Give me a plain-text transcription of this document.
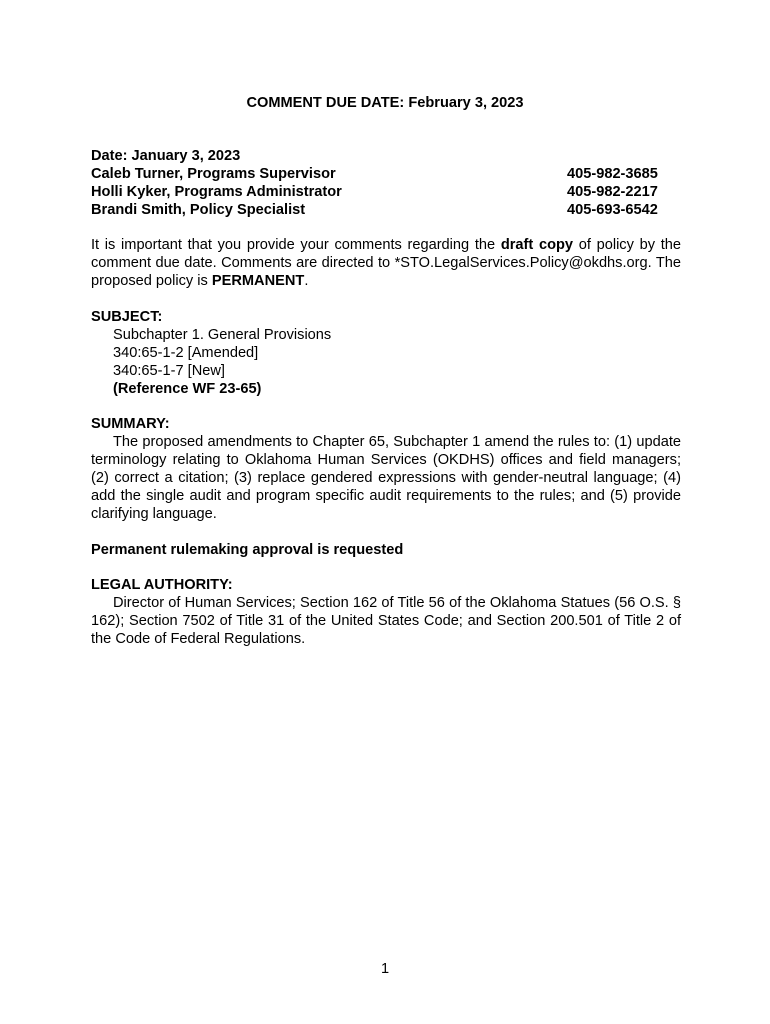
COMMENT DUE DATE: February 3, 2023
Date: January 3, 2023
Caleb Turner, Programs Supervisor	405-982-3685
Holli Kyker, Programs Administrator	405-982-2217
Brandi Smith, Policy Specialist	405-693-6542
It is important that you provide your comments regarding the draft copy of policy by the comment due date. Comments are directed to *STO.LegalServices.Policy@okdhs.org. The proposed policy is PERMANENT.
SUBJECT:
Subchapter 1. General Provisions
340:65-1-2 [Amended]
340:65-1-7 [New]
(Reference WF 23-65)
SUMMARY:
The proposed amendments to Chapter 65, Subchapter 1 amend the rules to: (1) update terminology relating to Oklahoma Human Services (OKDHS) offices and field managers; (2) correct a citation; (3) replace gendered expressions with gender-neutral language; (4) add the single audit and program specific audit requirements to the rules; and (5) provide clarifying language.
Permanent rulemaking approval is requested
LEGAL AUTHORITY:
Director of Human Services; Section 162 of Title 56 of the Oklahoma Statues (56 O.S. § 162); Section 7502 of Title 31 of the United States Code; and Section 200.501 of Title 2 of the Code of Federal Regulations.
1
